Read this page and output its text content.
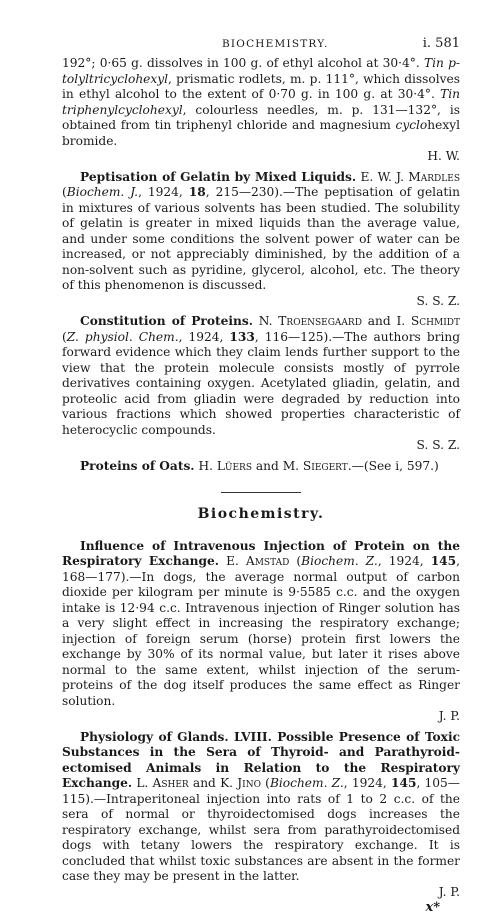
BIOCHEMISTRY.	i. 581

192°; 0·65 g. dissolves in 100 g. of ethyl alcohol at 30·4°. Tin p-tolyltricyclohexyl, prismatic rodlets, m. p. 111°, which dissolves in ethyl alcohol to the extent of 0·70 g. in 100 g. at 30·4°. Tin triphenylcyclohexyl, colourless needles, m. p. 131—132°, is obtained from tin triphenyl chloride and magnesium cyclohexyl bromide.

H. W.

Peptisation of Gelatin by Mixed Liquids. E. W. J. Mardles (Biochem. J., 1924, 18, 215—230).—The peptisation of gelatin in mixtures of various solvents has been studied. The solubility of gelatin is greater in mixed liquids than the average value, and under some conditions the solvent power of water can be increased, or not appreciably diminished, by the addition of a non-solvent such as pyridine, glycerol, alcohol, etc. The theory of this phenomenon is discussed.

S. S. Z.

Constitution of Proteins. N. Troensegaard and I. Schmidt (Z. physiol. Chem., 1924, 133, 116—125).—The authors bring forward evidence which they claim lends further support to the view that the protein molecule consists mostly of pyrrole derivatives containing oxygen. Acetylated gliadin, gelatin, and proteolic acid from gliadin were degraded by reduction into various fractions which showed properties characteristic of heterocyclic compounds.

S. S. Z.

Proteins of Oats. H. Lüers and M. Siegert.—(See i, 597.)

Biochemistry.

Influence of Intravenous Injection of Protein on the Respiratory Exchange. E. Amstad (Biochem. Z., 1924, 145, 168—177).—In dogs, the average normal output of carbon dioxide per kilogram per minute is 9·5585 c.c. and the oxygen intake is 12·94 c.c. Intravenous injection of Ringer solution has a very slight effect in increasing the respiratory exchange; injection of foreign serum (horse) protein first lowers the exchange by 30% of its normal value, but later it rises above normal to the same extent, whilst injection of the serum-proteins of the dog itself produces the same effect as Ringer solution.

J. P.

Physiology of Glands. LVIII. Possible Presence of Toxic Substances in the Sera of Thyroid- and Parathyroid-ectomised Animals in Relation to the Respiratory Exchange. L. Asher and K. Jino (Biochem. Z., 1924, 145, 105—115).—Intraperitoneal injection into rats of 1 to 2 c.c. of the sera of normal or thyroidectomised dogs increases the respiratory exchange, whilst sera from parathyroidectomised dogs with tetany lowers the respiratory exchange. It is concluded that whilst toxic substances are absent in the former case they may be present in the latter.

J. P.

x*
